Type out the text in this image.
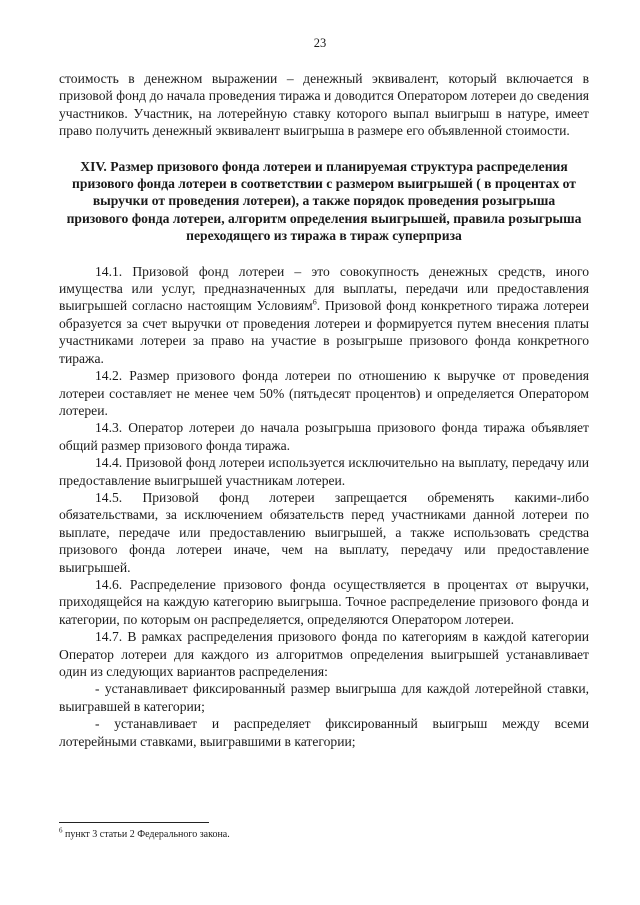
23

стоимость в денежном выражении – денежный эквивалент, который включается в призовой фонд до начала проведения тиража и доводится Оператором лотереи до сведения участников. Участник, на лотерейную ставку которого выпал выигрыш в натуре, имеет право получить денежный эквивалент выигрыша в размере его объявленной стоимости.

XIV. Размер призового фонда лотереи и планируемая структура распределения призового фонда лотереи в соответствии с размером выигрышей ( в процентах от выручки от проведения лотереи), а также порядок проведения розыгрыша призового фонда лотереи, алгоритм определения выигрышей, правила розыгрыша переходящего из тиража в тираж суперприза

14.1. Призовой фонд лотереи – это совокупность денежных средств, иного имущества или услуг, предназначенных для выплаты, передачи или предоставления выигрышей согласно настоящим Условиям$^6$. Призовой фонд конкретного тиража лотереи образуется за счет выручки от проведения лотереи и формируется путем внесения платы участниками лотереи за право на участие в розыгрыше призового фонда конкретного тиража.

14.2. Размер призового фонда лотереи по отношению к выручке от проведения лотереи составляет не менее чем 50% (пятьдесят процентов) и определяется Оператором лотереи.

14.3. Оператор лотереи до начала розыгрыша призового фонда тиража объявляет общий размер призового фонда тиража.

14.4. Призовой фонд лотереи используется исключительно на выплату, передачу или предоставление выигрышей участникам лотереи.

14.5. Призовой фонд лотереи запрещается обременять какими-либо обязательствами, за исключением обязательств перед участниками данной лотереи по выплате, передаче или предоставлению выигрышей, а также использовать средства призового фонда лотереи иначе, чем на выплату, передачу или предоставление выигрышей.

14.6. Распределение призового фонда осуществляется в процентах от выручки, приходящейся на каждую категорию выигрыша. Точное распределение призового фонда и категории, по которым он распределяется, определяются Оператором лотереи.

14.7. В рамках распределения призового фонда по категориям в каждой категории Оператор лотереи для каждого из алгоритмов определения выигрышей устанавливает один из следующих вариантов распределения:

- устанавливает фиксированный размер выигрыша для каждой лотерейной ставки, выигравшей в категории;

- устанавливает и распределяет фиксированный выигрыш между всеми лотерейными ставками, выигравшими в категории;

$^6$ пункт 3 статьи 2 Федерального закона.
